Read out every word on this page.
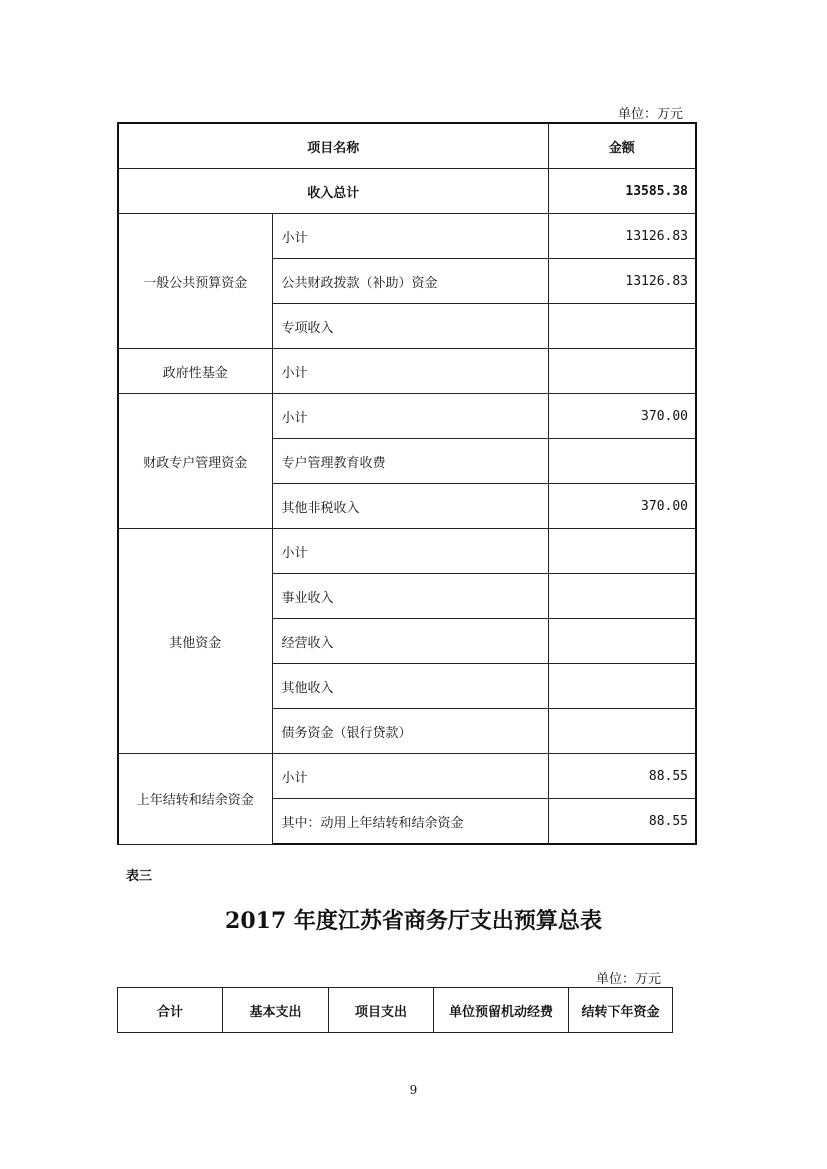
单位：万元
项目名称		金额
收入总计		13585.38
一般公共预算资金	小计	13126.83
	公共财政拨款（补助）资金	13126.83
	专项收入	
政府性基金	小计	
财政专户管理资金	小计	370.00
	专户管理教育收费	
	其他非税收入	370.00
其他资金	小计	
	事业收入	
	经营收入	
	其他收入	
	债务资金（银行贷款）	
上年结转和结余资金	小计	88.55
	其中：动用上年结转和结余资金	88.55
单位：万元
表三
2017 年度江苏省商务厅支出预算总表
合计	基本支出	项目支出	单位预留机动经费	结转下年资金
9
